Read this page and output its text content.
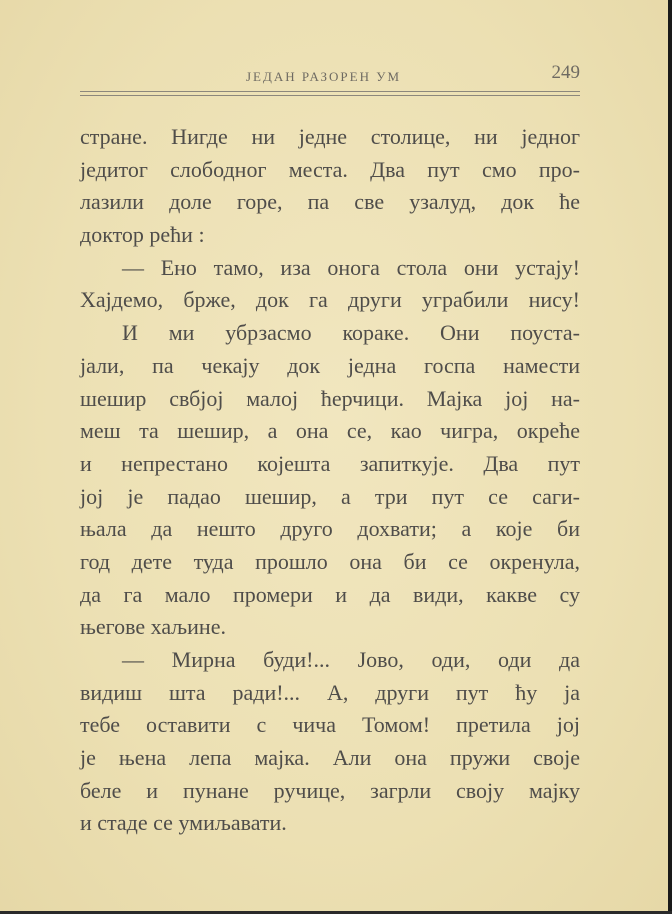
ЈЕДАН РАЗОРЕН УМ	249
стране. Нигде ни једне столице, ни једног
једитог слободног места. Два пут смо про-
лазили доле горе, па све узалуд, док ће
доктор рећи :
— Ено тамо, иза онога стола они устају!
Хајдемо, брже, док га други уграбили нису!
И ми убрзасмо кораке. Они поуста-
јали, па чекају док једна госпа намести
шешир свбјој малој ћерчици. Мајка јој на-
меш та шешир, а она се, као чигра, окреће
и непрестано којешта запиткује. Два пут
јој је падао шешир, а три пут се саги-
њала да нешто друго дохвати; а које би
год дете туда прошло она би се окренула,
да га мало промери и да види, какве су
његове хаљине.
— Мирна буди!... Јово, оди, оди да
видиш шта ради!... А, други пут ћу ја
тебе оставити с чича Томом! претила јој
је њена лепа мајка. Али она пружи своје
беле и пунане ручице, загрли своју мајку
и стаде се умиљавати.
